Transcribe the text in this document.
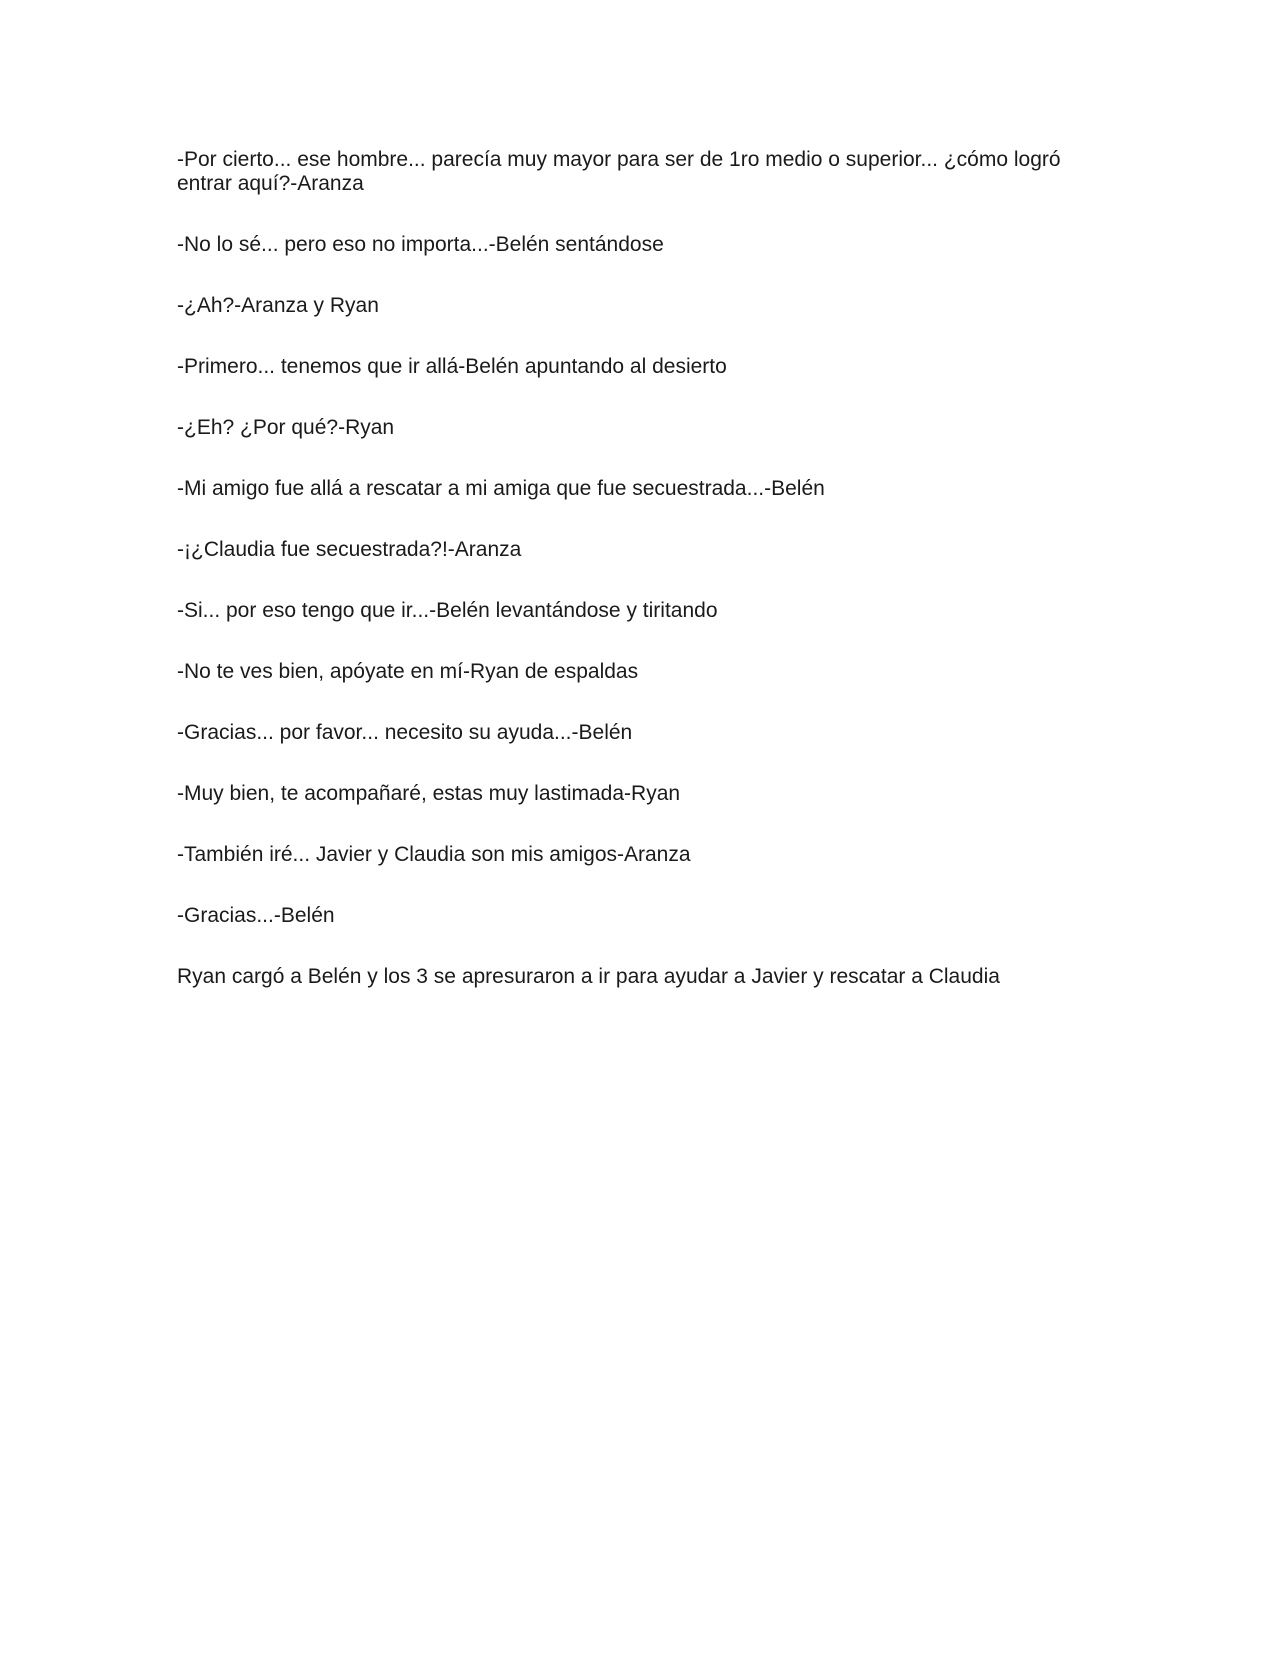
-Por cierto... ese hombre... parecía muy mayor para ser de 1ro medio o superior... ¿cómo logró entrar aquí?-Aranza

-No lo sé... pero eso no importa...-Belén sentándose

-¿Ah?-Aranza y Ryan

-Primero... tenemos que ir allá-Belén apuntando al desierto

-¿Eh? ¿Por qué?-Ryan

-Mi amigo fue allá a rescatar a mi amiga que fue secuestrada...-Belén

-¡¿Claudia fue secuestrada?!-Aranza

-Si... por eso tengo que ir...-Belén levantándose y tiritando

-No te ves bien, apóyate en mí-Ryan de espaldas

-Gracias... por favor... necesito su ayuda...-Belén

-Muy bien, te acompañaré, estas muy lastimada-Ryan

-También iré... Javier y Claudia son mis amigos-Aranza

-Gracias...-Belén

Ryan cargó a Belén y los 3 se apresuraron a ir para ayudar a Javier y rescatar a Claudia
